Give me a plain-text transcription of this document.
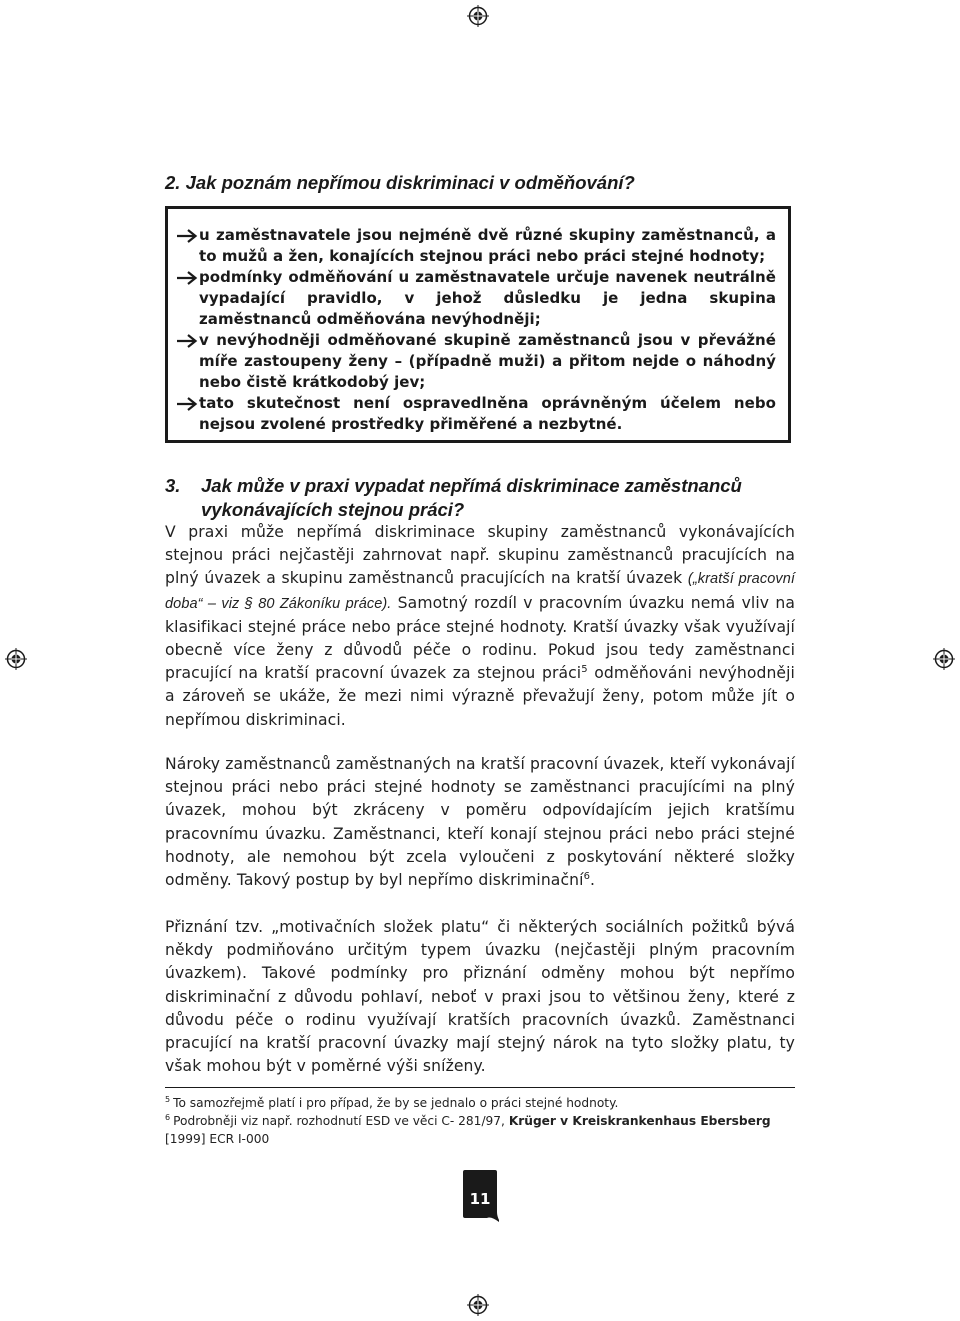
2. Jak poznám nepřímou diskriminaci v odměňování?
u zaměstnavatele jsou nejméně dvě různé skupiny zaměstnanců, a to mužů a žen, konajících stejnou práci nebo práci stejné hodnoty;
podmínky odměňování u zaměstnavatele určuje navenek neutrálně vypadající pravidlo, v jehož důsledku je jedna skupina zaměstnanců odměňována nevýhodněji;
v nevýhodněji odměňované skupině zaměstnanců jsou v převážné míře zastoupeny ženy – (případně muži) a přitom nejde o náhodný nebo čistě krátkodobý jev;
tato skutečnost není ospravedlněna oprávněným účelem nebo nejsou zvolené prostředky přiměřené a nezbytné.
3. Jak může v praxi vypadat nepřímá diskriminace zaměstnanců
vykonávajících stejnou práci?

V praxi může nepřímá diskriminace skupiny zaměstnanců vykonávajících stejnou práci nejčastěji zahrnovat např. skupinu zaměstnanců pracujících na plný úvazek a skupinu zaměstnanců pracujících na kratší úvazek („kratší pracovní doba“ – viz § 80 Zákoníku práce). Samotný rozdíl v pracovním úvazku nemá vliv na klasifikaci stejné práce nebo práce stejné hodnoty. Kratší úvazky však využívají obecně více ženy z důvodů péče o rodinu. Pokud jsou tedy zaměstnanci pracující na kratší pracovní úvazek za stejnou práci$^5$ odměňováni nevýhodněji a zároveň se ukáže, že mezi nimi výrazně převažují ženy, potom může jít o nepřímou diskriminaci.

Nároky zaměstnanců zaměstnaných na kratší pracovní úvazek, kteří vykonávají stejnou práci nebo práci stejné hodnoty se zaměstnanci pracujícími na plný úvazek, mohou být zkráceny v poměru odpovídajícím jejich kratšímu pracovnímu úvazku. Zaměstnanci, kteří konají stejnou práci nebo práci stejné hodnoty, ale nemohou být zcela vyloučeni z poskytování některé složky odměny. Takový postup by byl nepřímo diskriminační$^6$.

Přiznání tzv. „motivačních složek platu“ či některých sociálních požitků bývá někdy podmiňováno určitým typem úvazku (nejčastěji plným pracovním úvazkem). Takové podmínky pro přiznání odměny mohou být nepřímo diskriminační z důvodu pohlaví, neboť v praxi jsou to většinou ženy, které z důvodu péče o rodinu využívají kratších pracovních úvazků. Zaměstnanci pracující na kratší pracovní úvazky mají stejný nárok na tyto složky platu, ty však mohou být v poměrné výši sníženy.

$^5$ To samozřejmě platí i pro případ, že by se jednalo o práci stejné hodnoty.

$^6$ Podrobněji viz např. rozhodnutí ESD ve věci C- 281/97, Krüger v Kreiskrankenhaus Ebersberg
[1999] ECR I-000

11
